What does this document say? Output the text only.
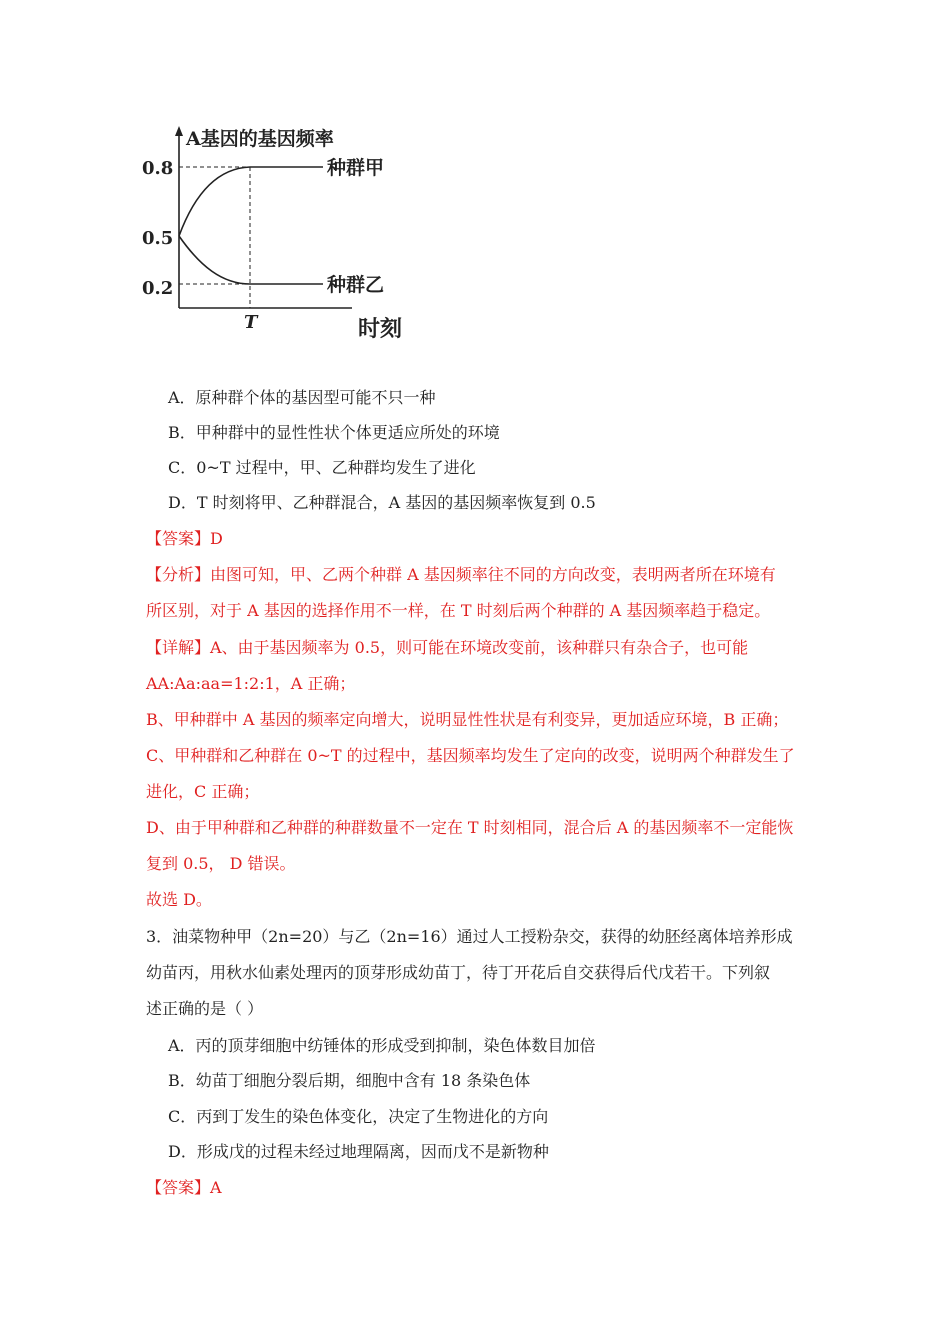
A基因的基因频率
时刻
0.8
0.5
0.2
T
种群甲
种群乙
A．原种群个体的基因型可能不只一种
B．甲种群中的显性性状个体更适应所处的环境
C．0~T 过程中，甲、乙种群均发生了进化
D．T 时刻将甲、乙种群混合，A 基因的基因频率恢复到 0.5
【答案】D
【分析】由图可知，甲、乙两个种群 A 基因频率往不同的方向改变，表明两者所在环境有
所区别，对于 A 基因的选择作用不一样，在 T 时刻后两个种群的 A 基因频率趋于稳定。
【详解】A、由于基因频率为 0.5，则可能在环境改变前，该种群只有杂合子，也可能
AA:Aa:aa=1:2:1，A 正确；
B、甲种群中 A 基因的频率定向增大，说明显性性状是有利变异，更加适应环境，B 正确；
C、甲种群和乙种群在 0~T 的过程中，基因频率均发生了定向的改变，说明两个种群发生了
进化，C 正确；
D、由于甲种群和乙种群的种群数量不一定在 T 时刻相同，混合后 A 的基因频率不一定能恢
复到 0.5， D 错误。
故选 D。
3．油菜物种甲（2n=20）与乙（2n=16）通过人工授粉杂交，获得的幼胚经离体培养形成
幼苗丙，用秋水仙素处理丙的顶芽形成幼苗丁，待丁开花后自交获得后代戊若干。下列叙
述正确的是（ ）
A．丙的顶芽细胞中纺锤体的形成受到抑制，染色体数目加倍
B．幼苗丁细胞分裂后期，细胞中含有 18 条染色体
C．丙到丁发生的染色体变化，决定了生物进化的方向
D．形成戊的过程未经过地理隔离，因而戊不是新物种
【答案】A
